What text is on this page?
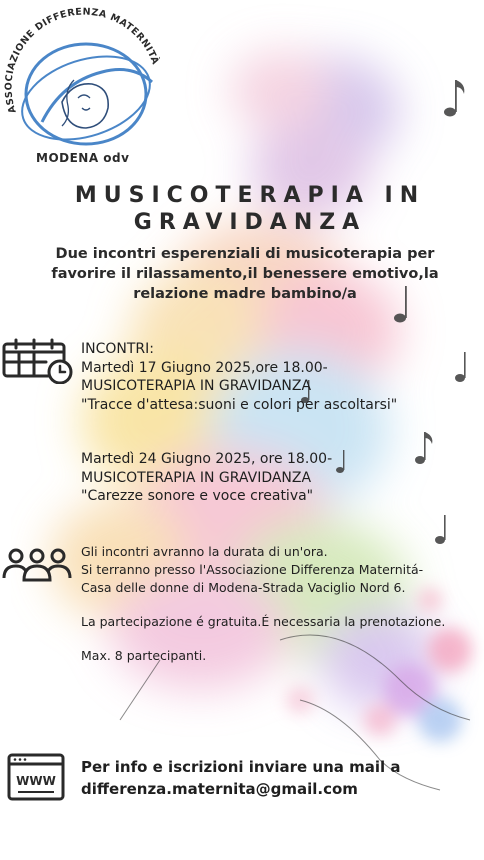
ASSOCIAZIONE DIFFERENZA MATERNITÀ
MODENA odv
MUSICOTERAPIA IN
GRAVIDANZA
Due incontri esperenziali di musicoterapia per
favorire il rilassamento,il benessere emotivo,la
relazione madre bambino/a
INCONTRI:
Martedì 17 Giugno 2025,ore 18.00-
MUSICOTERAPIA IN GRAVIDANZA
"Tracce d'attesa:suoni e colori per ascoltarsi"
Martedì 24 Giugno 2025, ore 18.00-
MUSICOTERAPIA IN GRAVIDANZA
"Carezze sonore e voce creativa"
Gli incontri avranno la durata di un'ora.
Si terranno presso l'Associazione Differenza Maternitá-
Casa delle donne di Modena-Strada Vaciglio Nord 6.
La partecipazione é gratuita.É necessaria la prenotazione.
Max. 8 partecipanti.
WWW
Per info e iscrizioni inviare una mail a
differenza.maternita@gmail.com
